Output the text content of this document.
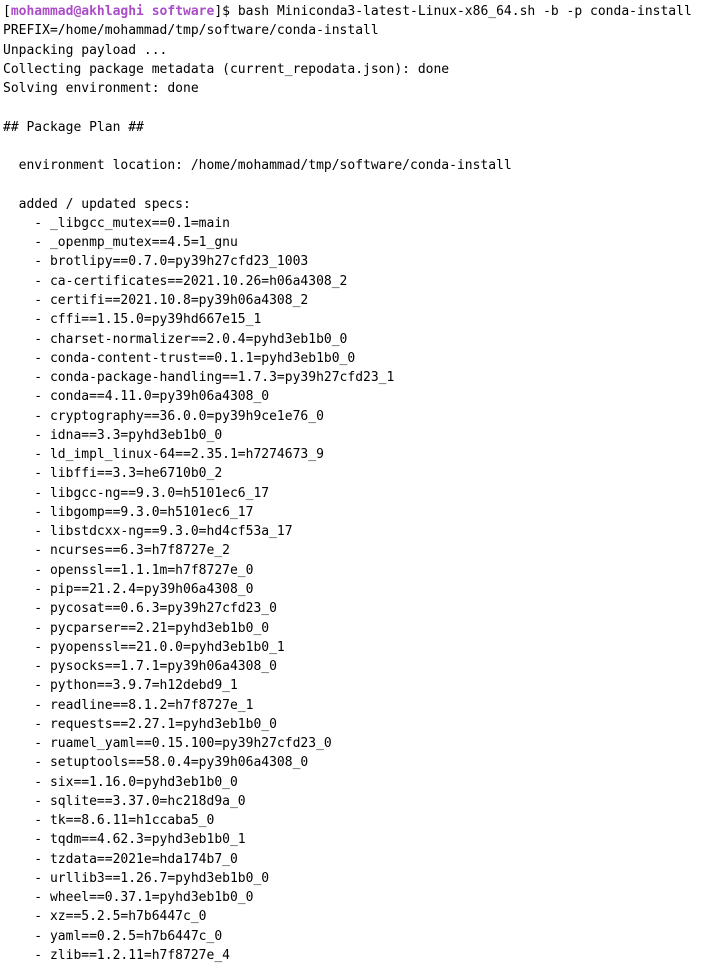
[mohammad@akhlaghi software]$ bash Miniconda3-latest-Linux-x86_64.sh -b -p conda-install
PREFIX=/home/mohammad/tmp/software/conda-install
Unpacking payload ...
Collecting package metadata (current_repodata.json): done
Solving environment: done
## Package Plan ##
environment location: /home/mohammad/tmp/software/conda-install
added / updated specs:
- _libgcc_mutex==0.1=main
- _openmp_mutex==4.5=1_gnu
- brotlipy==0.7.0=py39h27cfd23_1003
- ca-certificates==2021.10.26=h06a4308_2
- certifi==2021.10.8=py39h06a4308_2
- cffi==1.15.0=py39hd667e15_1
- charset-normalizer==2.0.4=pyhd3eb1b0_0
- conda-content-trust==0.1.1=pyhd3eb1b0_0
- conda-package-handling==1.7.3=py39h27cfd23_1
- conda==4.11.0=py39h06a4308_0
- cryptography==36.0.0=py39h9ce1e76_0
- idna==3.3=pyhd3eb1b0_0
- ld_impl_linux-64==2.35.1=h7274673_9
- libffi==3.3=he6710b0_2
- libgcc-ng==9.3.0=h5101ec6_17
- libgomp==9.3.0=h5101ec6_17
- libstdcxx-ng==9.3.0=hd4cf53a_17
- ncurses==6.3=h7f8727e_2
- openssl==1.1.1m=h7f8727e_0
- pip==21.2.4=py39h06a4308_0
- pycosat==0.6.3=py39h27cfd23_0
- pycparser==2.21=pyhd3eb1b0_0
- pyopenssl==21.0.0=pyhd3eb1b0_1
- pysocks==1.7.1=py39h06a4308_0
- python==3.9.7=h12debd9_1
- readline==8.1.2=h7f8727e_1
- requests==2.27.1=pyhd3eb1b0_0
- ruamel_yaml==0.15.100=py39h27cfd23_0
- setuptools==58.0.4=py39h06a4308_0
- six==1.16.0=pyhd3eb1b0_0
- sqlite==3.37.0=hc218d9a_0
- tk==8.6.11=h1ccaba5_0
- tqdm==4.62.3=pyhd3eb1b0_1
- tzdata==2021e=hda174b7_0
- urllib3==1.26.7=pyhd3eb1b0_0
- wheel==0.37.1=pyhd3eb1b0_0
- xz==5.2.5=h7b6447c_0
- yaml==0.2.5=h7b6447c_0
- zlib==1.2.11=h7f8727e_4
